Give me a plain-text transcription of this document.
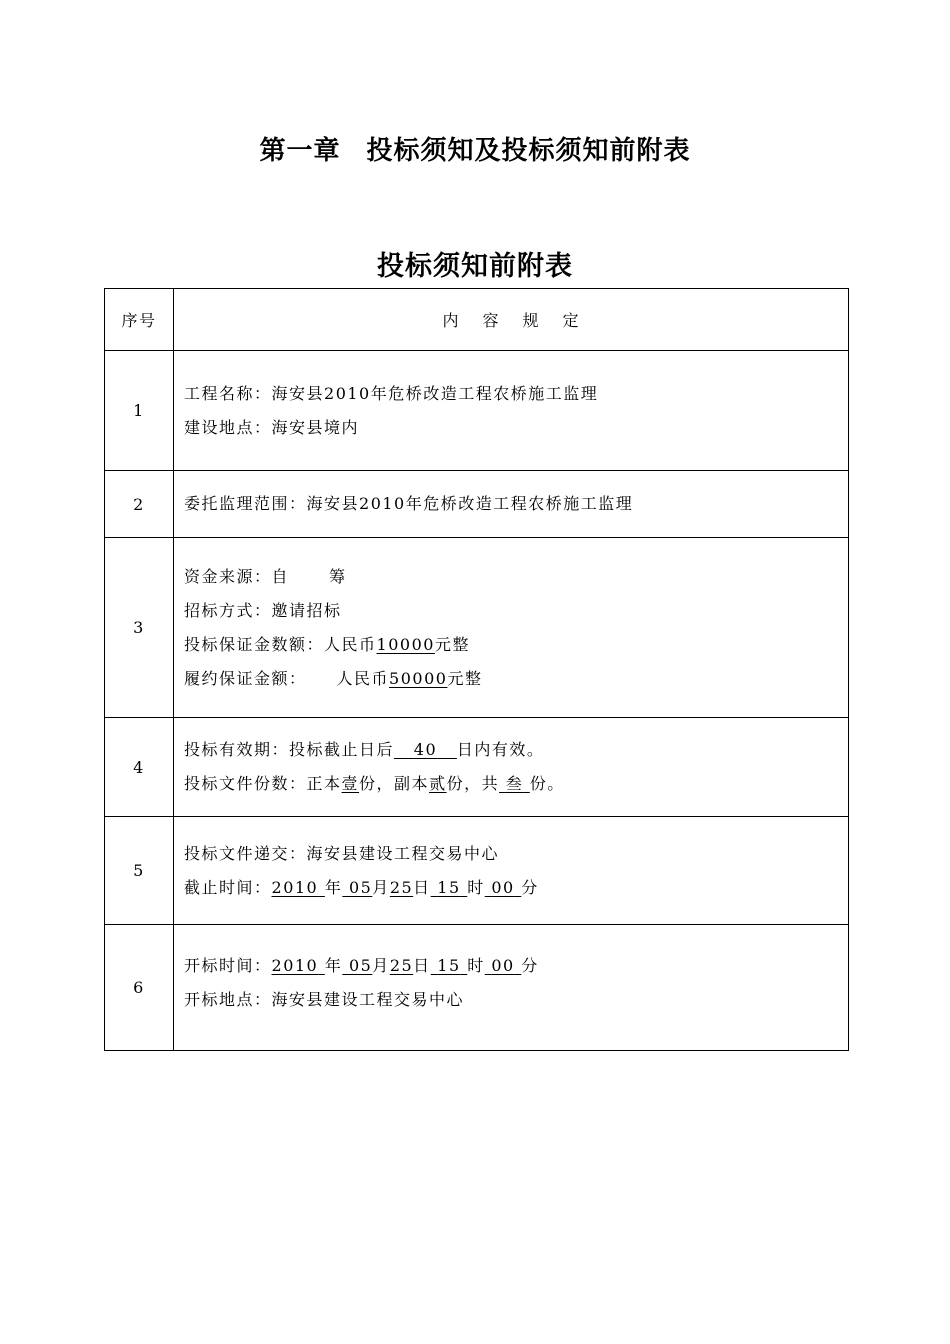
第一章 投标须知及投标须知前附表
投标须知前附表
序号	内 容 规 定
1	工程名称：海安县2010年危桥改造工程农桥施工监理
建设地点：海安县境内

2	委托监理范围：海安县2010年危桥改造工程农桥施工监理

3	资金来源：自 筹
招标方式：邀请招标
投标保证金数额：人民币10000元整
履约保证金额： 人民币50000元整

4	投标有效期：投标截止日后 40 日内有效。
投标文件份数：正本壹份，副本贰份，共 叁 份。

5	投标文件递交：海安县建设工程交易中心
截止时间：2010 年 05月25日 15 时 00 分

6	开标时间：2010 年 05月25日 15 时 00 分
开标地点：海安县建设工程交易中心
